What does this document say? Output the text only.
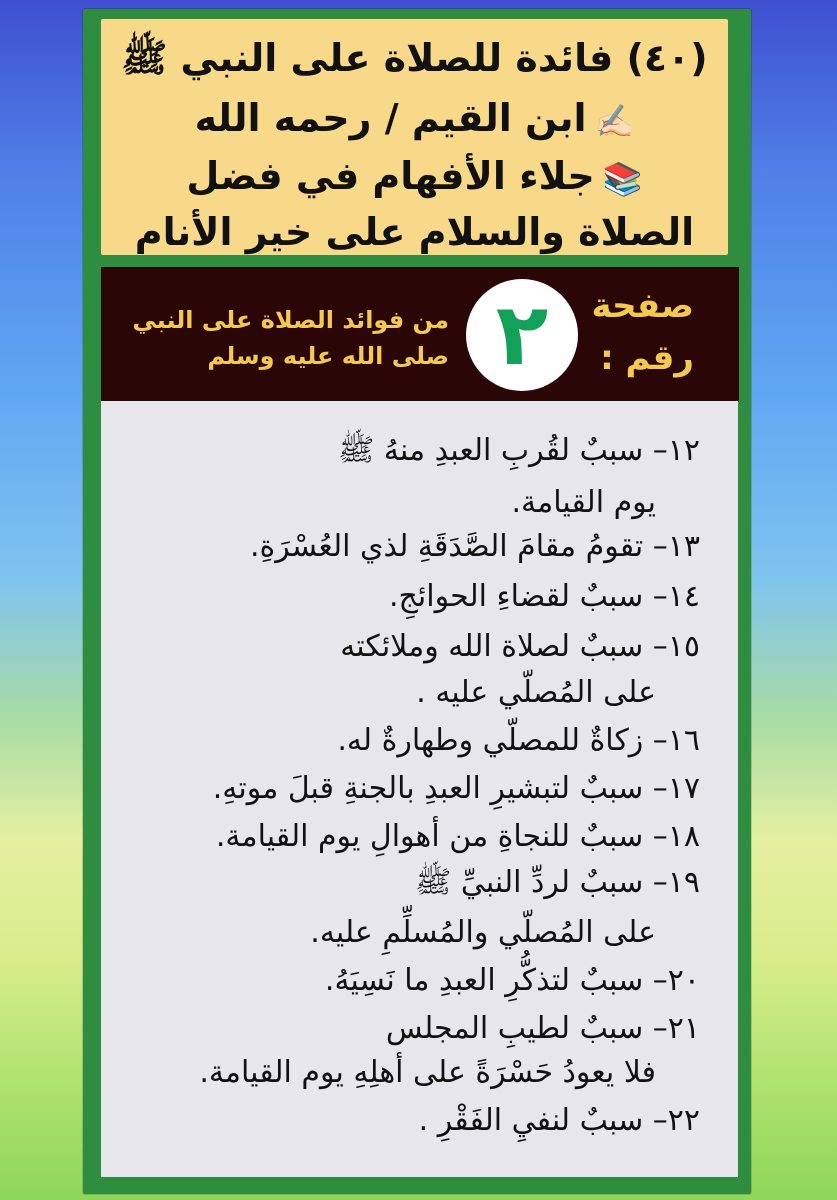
(٤٠) فائدة للصلاة على النبي ﷺ
✍🏻ابن القيم / رحمه الله
📚جلاء الأفهام في فضل
الصلاة والسلام على خير الأنام
صفحة
رقم :
٢
من فوائد الصلاة على النبي
صلى الله عليه وسلم
١٢– سببٌ لقُربِ العبدِ منهُ ﷺ
يوم القيامة.
١٣– تقومُ مقامَ الصَّدَقَةِ لذي العُسْرَةِ.
١٤– سببٌ لقضاءِ الحوائجِ.
١٥– سببٌ لصلاة الله وملائكته
على المُصلّي عليه .
١٦– زكاةٌ للمصلّي وطهارةٌ له.
١٧– سببٌ لتبشيرِ العبدِ بالجنةِ قبلَ موتهِ.
١٨– سببٌ للنجاةِ من أهوالِ يوم القيامة.
١٩– سببٌ لردِّ النبيِّ ﷺ
على المُصلّي والمُسلِّمِ عليه.
٢٠– سببٌ لتذكُّرِ العبدِ ما نَسِيَهُ.
٢١– سببٌ لطيبِ المجلس
فلا يعودُ حَسْرَةً على أهلِهِ يوم القيامة.
٢٢– سببٌ لنفيِ الفَقْرِ .
